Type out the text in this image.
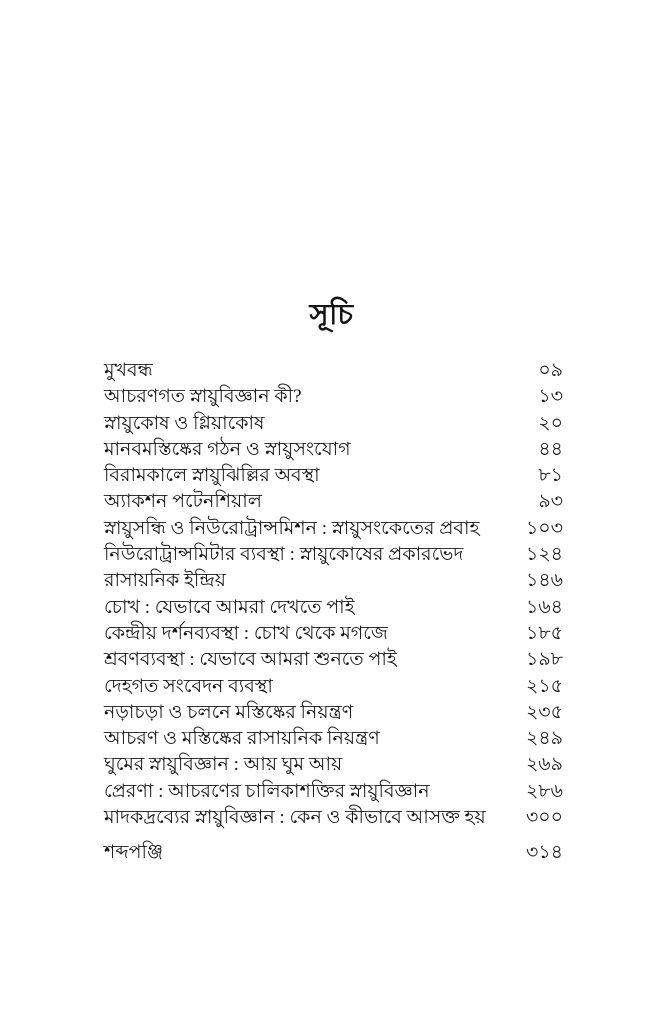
সূচি
মুখবন্ধ	০৯
আচরণগত স্নায়ুবিজ্ঞান কী?	১৩
স্নায়ুকোষ ও গ্লিয়াকোষ	২০
মানবমস্তিষ্কের গঠন ও স্নায়ুসংযোগ	৪৪
বিরামকালে স্নায়ুঝিল্লির অবস্থা	৮১
অ্যাকশন পটেনশিয়াল	৯৩
স্নায়ুসন্ধি ও নিউরোট্রান্সমিশন : স্নায়ুসংকেতের প্রবাহ	১০৩
নিউরোট্রান্সমিটার ব্যবস্থা : স্নায়ুকোষের প্রকারভেদ	১২৪
রাসায়নিক ইন্দ্রিয়	১৪৬
চোখ : যেভাবে আমরা দেখতে পাই	১৬৪
কেন্দ্রীয় দর্শনব্যবস্থা : চোখ থেকে মগজে	১৮৫
শ্রবণব্যবস্থা : যেভাবে আমরা শুনতে পাই	১৯৮
দেহগত সংবেদন ব্যবস্থা	২১৫
নড়াচড়া ও চলনে মস্তিষ্কের নিয়ন্ত্রণ	২৩৫
আচরণ ও মস্তিষ্কের রাসায়নিক নিয়ন্ত্রণ	২৪৯
ঘুমের স্নায়ুবিজ্ঞান : আয় ঘুম আয়	২৬৯
প্রেরণা : আচরণের চালিকাশক্তির স্নায়ুবিজ্ঞান	২৮৬
মাদকদ্রব্যের স্নায়ুবিজ্ঞান : কেন ও কীভাবে আসক্ত হয়	৩০০
শব্দপঞ্জি	৩১৪
